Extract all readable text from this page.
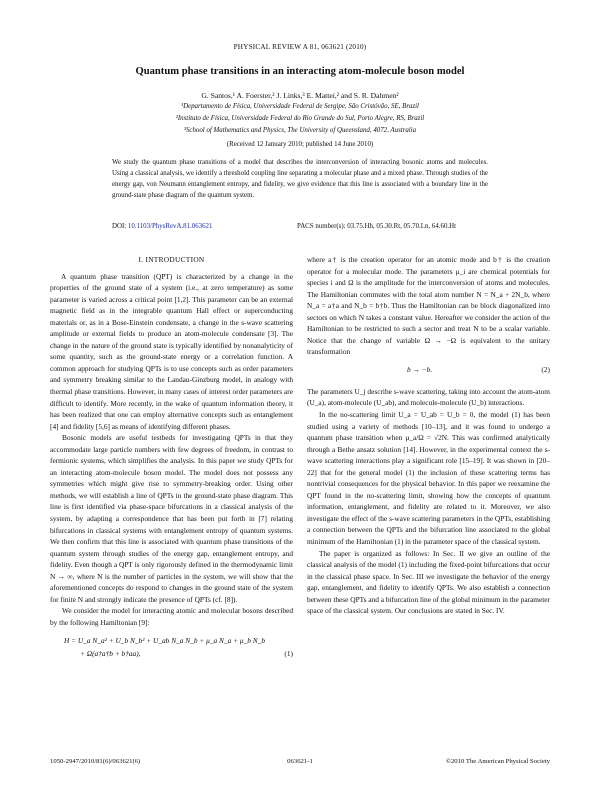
PHYSICAL REVIEW A 81, 063621 (2010)
Quantum phase transitions in an interacting atom-molecule boson model
G. Santos,¹ A. Foerster,² J. Links,³ E. Mattei,² and S. R. Dahmen²
¹Departamento de Física, Universidade Federal de Sergipe, São Cristóvão, SE, Brazil
²Instituto de Física, Universidade Federal do Rio Grande do Sul, Porto Alegre, RS, Brazil
³School of Mathematics and Physics, The University of Queensland, 4072, Australia
(Received 12 January 2010; published 14 June 2010)
We study the quantum phase transitions of a model that describes the interconversion of interacting bosonic atoms and molecules. Using a classical analysis, we identify a threshold coupling line separating a molecular phase and a mixed phase. Through studies of the energy gap, von Neumann entanglement entropy, and fidelity, we give evidence that this line is associated with a boundary line in the ground-state phase diagram of the quantum system.
DOI: 10.1103/PhysRevA.81.063621	PACS number(s): 03.75.Hh, 05.30.Rt, 05.70.Ln, 64.60.Ht
I. INTRODUCTION

A quantum phase transition (QPT) is characterized by a change in the properties of the ground state of a system (i.e., at zero temperature) as some parameter is varied across a critical point [1,2]. This parameter can be an external magnetic field as in the integrable quantum Hall effect or superconducting materials or, as in a Bose-Einstein condensate, a change in the s-wave scattering amplitude or external fields to produce an atom-molecule condensate [3]. The change in the nature of the ground state is typically identified by nonanalyticity of some quantity, such as the ground-state energy or a correlation function. A common approach for studying QPTs is to use concepts such as order parameters and symmetry breaking similar to the Landau-Ginzburg model, in analogy with thermal phase transitions. However, in many cases of interest order parameters are difficult to identify. More recently, in the wake of quantum information theory, it has been realized that one can employ alternative concepts such as entanglement [4] and fidelity [5,6] as means of identifying different phases.

Bosonic models are useful testbeds for investigating QPTs in that they accommodate large particle numbers with few degrees of freedom, in contrast to fermionic systems, which simplifies the analysis. In this paper we study QPTs for an interacting atom-molecule boson model. The model does not possess any symmetries which might give rise to symmetry-breaking order. Using other methods, we will establish a line of QPTs in the ground-state phase diagram. This line is first identified via phase-space bifurcations in a classical analysis of the system, by adapting a correspondence that has been put forth in [7] relating bifurcations in classical systems with entanglement entropy of quantum systems. We then confirm that this line is associated with quantum phase transitions of the quantum system through studies of the energy gap, entanglement entropy, and fidelity. Even though a QPT is only rigorously defined in the thermodynamic limit N → ∞, where N is the number of particles in the system, we will show that the aforementioned concepts do respond to changes in the ground state of the system for finite N and strongly indicate the presence of QPTs (cf. [8]).

We consider the model for interacting atomic and molecular bosons described by the following Hamiltonian [9]:

H = U_a N_a² + U_b N_b² + U_ab N_a N_b + μ_a N_a + μ_b N_b
+ Ω(a†a†b + b†aa),	(1)

where a† is the creation operator for an atomic mode and b† is the creation operator for a molecular mode. The parameters μ_i are chemical potentials for species i and Ω is the amplitude for the interconversion of atoms and molecules. The Hamiltonian commutes with the total atom number N = N_a + 2N_b, where N_a = a†a and N_b = b†b. Thus the Hamiltonian can be block diagonalized into sectors on which N takes a constant value. Hereafter we consider the action of the Hamiltonian to be restricted to such a sector and treat N to be a scalar variable. Notice that the change of variable Ω → −Ω is equivalent to the unitary transformation

b → −b.	(2)

The parameters U_j describe s-wave scattering, taking into account the atom-atom (U_a), atom-molecule (U_ab), and molecule-molecule (U_b) interactions.

In the no-scattering limit U_a = U_ab = U_b = 0, the model (1) has been studied using a variety of methods [10–13], and it was found to undergo a quantum phase transition when μ_a/Ω = √2N. This was confirmed analytically through a Bethe ansatz solution [14]. However, in the experimental context the s-wave scattering interactions play a significant role [15–19]. It was shown in [20–22] that for the general model (1) the inclusion of these scattering terms has nontrivial consequences for the physical behavior. In this paper we reexamine the QPT found in the no-scattering limit, showing how the concepts of quantum information, entanglement, and fidelity are related to it. Moreover, we also investigate the effect of the s-wave scattering parameters in the QPTs, establishing a connection between the QPTs and the bifurcation line associated to the global minimum of the Hamiltonian (1) in the parameter space of the classical system.

The paper is organized as follows: In Sec. II we give an outline of the classical analysis of the model (1) including the fixed-point bifurcations that occur in the classical phase space. In Sec. III we investigate the behavior of the energy gap, entanglement, and fidelity to identify QPTs. We also establish a connection between these QPTs and a bifurcation line of the global minimum in the parameter space of the classical system. Our conclusions are stated in Sec. IV.

1050-2947/2010/81(6)/063621(6)	063621-1	©2010 The American Physical Society
